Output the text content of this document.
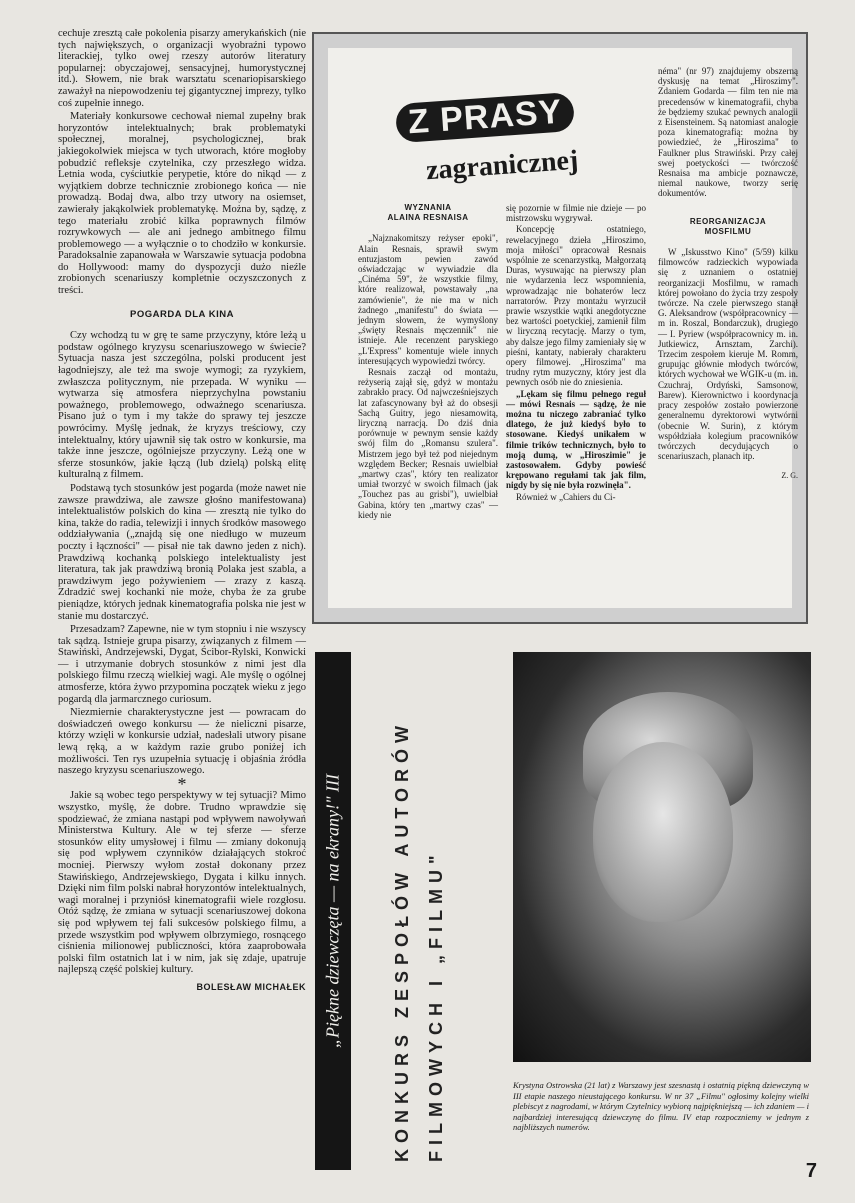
cechuje zresztą całe pokolenia pisarzy amerykańskich (nie tych największych, o organizacji wyobraźni typowo literackiej, tylko owej rzeszy autorów literatury popularnej: obyczajowej, sensacyjnej, humorystycznej itd.). Słowem, nie brak warsztatu scenariopisarskiego zaważył na niepowodzeniu tej gigantycznej imprezy, tylko coś zupełnie innego.

Materiały konkursowe cechował niemal zupełny brak horyzontów intelektualnych; brak problematyki społecznej, moralnej, psychologicznej, brak jakiegokolwiek miejsca w tych utworach, które mogłoby pobudzić refleksje czytelnika, czy przeszłego widza. Letnia woda, cyściutkie perypetie, które do nikąd — z wyjątkiem dobrze technicznie zrobionego końca — nie prowadzą. Bodaj dwa, albo trzy utwory na osiemset, zawierały jakąkolwiek problematykę. Można by, sądzę, z tego materiału zrobić kilka poprawnych filmów rozrywkowych — ale ani jednego ambitnego filmu problemowego — a wyłącznie o to chodziło w konkursie. Paradoksalnie zapanowała w Warszawie sytuacja podobna do Hollywood: mamy do dyspozycji dużo nieźle zrobionych scenariuszy kompletnie oczyszczonych z treści.

POGARDA DLA KINA

Czy wchodzą tu w grę te same przyczyny, które leżą u podstaw ogólnego kryzysu scenariuszowego w świecie? Sytuacja nasza jest szczególna, polski producent jest łagodniejszy, ale też ma swoje wymogi; za ryzykiem, zwłaszcza politycznym, nie przepada. W wyniku — wytwarza się atmosfera nieprzychylna powstaniu poważnego, problemowego, odważnego scenariusza. Pisano już o tym i my także do sprawy tej jeszcze powrócimy. Myślę jednak, że kryzys treściowy, czy intelektualny, który ujawnił się tak ostro w konkursie, ma także inne jeszcze, ogólniejsze przyczyny. Leżą one w sferze stosunków, jakie łączą (lub dzielą) polską elitę kulturalną z filmem.

Podstawą tych stosunków jest pogarda (może nawet nie zawsze prawdziwa, ale zawsze głośno manifestowana) intelektualistów polskich do kina — zresztą nie tylko do kina, także do radia, telewizji i innych środków masowego oddziaływania („znajdą się one niedługo w muzeum poczty i łączności" — pisał nie tak dawno jeden z nich). Prawdziwą kochanką polskiego intelektualisty jest literatura, tak jak prawdziwą bronią Polaka jest szabla, a prawdziwym jego pożywieniem — zrazy z kaszą. Zdradzić swej kochanki nie może, chyba że za grube pieniądze, których jednak kinematografia polska nie jest w stanie mu dostarczyć.

Przesadzam? Zapewne, nie w tym stopniu i nie wszyscy tak sądzą. Istnieje grupa pisarzy, związanych z filmem — Stawiński, Andrzejewski, Dygat, Ścibor-Rylski, Konwicki — i utrzymanie dobrych stosunków z nimi jest dla polskiego filmu rzeczą wielkiej wagi. Ale myślę o ogólnej atmosferze, która żywo przypomina początek wieku z jego pogardą dla jarmarcznego curiosum.

Niezmiernie charakterystyczne jest — powracam do doświadczeń owego konkursu — że nieliczni pisarze, którzy wzięli w konkursie udział, nadesłali utwory pisane lewą ręką, a w każdym razie grubo poniżej ich możliwości. Ten rys uzupełnia sytuację i objaśnia źródła naszego kryzysu scenariuszowego.

*

Jakie są wobec tego perspektywy w tej sytuacji? Mimo wszystko, myślę, że dobre. Trudno wprawdzie się spodziewać, że zmiana nastąpi pod wpływem nawoływań Ministerstwa Kultury. Ale w tej sferze — sferze stosunków elity umysłowej i filmu — zmiany dokonują się pod wpływem czynników działających stokroć mocniej. Pierwszy wyłom został dokonany przez Stawińskiego, Andrzejewskiego, Dygata i kilku innych. Dzięki nim film polski nabrał horyzontów intelektualnych, wagi moralnej i przyniósł kinematografii wiele rozgłosu. Otóż sądzę, że zmiana w sytuacji scenariuszowej dokona się pod wpływem tej fali sukcesów polskiego filmu, a przede wszystkim pod wpływem olbrzymiego, rosnącego ciśnienia milionowej publiczności, która zaaprobowała polski film ostatnich lat i w nim, jak się zdaje, upatruje najlepszą część polskiej kultury.

BOLESŁAW MICHAŁEK

Z PRASY
zagranicznej

WYZNANIA

ALAINA RESNAISA

„Najznakomitszy reżyser epoki", Alain Resnais, sprawił swym entuzjastom pewien zawód oświadczając w wywiadzie dla „Cinéma 59", że wszystkie filmy, które realizował, powstawały „na zamówienie", że nie ma w nich żadnego „manifestu" do świata — jednym słowem, że wymyślony „święty Resnais męczennik" nie istnieje. Ale recenzent paryskiego „L'Express" komentuje wiele innych interesujących wypowiedzi twórcy.

Resnais zaczął od montażu, reżyserią zajął się, gdyż w montażu zabrakło pracy. Od najwcześniejszych lat zafascynowany był aż do obsesji Sachą Guitry, jego niesamowitą, liryczną narracją. Do dziś dnia porównuje w pewnym sensie każdy swój film do „Romansu szulera". Mistrzem jego był też pod niejednym względem Becker; Resnais uwielbiał „martwy czas", który ten realizator umiał tworzyć w swoich filmach (jak „Touchez pas au grisbi"), uwielbiał Gabina, który ten „martwy czas" — kiedy nie

się pozornie w filmie nie dzieje — po mistrzowsku wygrywał.

Koncepcję ostatniego, rewelacyjnego dzieła „Hiroszimo, moja miłości" opracował Resnais wspólnie ze scenarzystką, Małgorzatą Duras, wysuwając na pierwszy plan nie wydarzenia lecz wspomnienia, wprowadzając nie bohaterów lecz narratorów. Przy montażu wyrzucił prawie wszystkie wątki anegdotyczne bez wartości poetyckiej, zamienił film w liryczną recytację. Marzy o tym, aby dalsze jego filmy zamieniały się w pieśni, kantaty, nabierały charakteru opery filmowej. „Hiroszima" ma trudny rytm muzyczny, który jest dla pewnych osób nie do zniesienia.

„Lękam się filmu pełnego reguł — mówi Resnais — sądzę, że nie można tu niczego zabraniać tylko dlatego, że już kiedyś było to stosowane. Kiedyś unikałem w filmie trików technicznych, było to moją dumą, w „Hiroszimie" je zastosowałem. Gdyby powieść krępowano regułami tak jak film, nigdy by się nie była rozwinęła".

Również w „Cahiers du Ci-

néma" (nr 97) znajdujemy obszerną dyskusję na temat „Hiroszimy". Zdaniem Godarda — film ten nie ma precedensów w kinematografii, chyba że będziemy szukać pewnych analogii z Eisensteinem. Są natomiast analogie poza kinematografią: można by powiedzieć, że „Hiroszima" to Faulkner plus Strawiński. Przy całej swej poetyckości — twórczość Resnaisa ma ambicje poznawcze, niemal naukowe, tworzy serię dokumentów.

REORGANIZACJA

MOSFILMU

W „Iskusstwo Kino" (5/59) kilku filmowców radzieckich wypowiada się z uznaniem o ostatniej reorganizacji Mosfilmu, w ramach której powołano do życia trzy zespoły twórcze. Na czele pierwszego stanął G. Aleksandrow (współpracownicy — m in. Roszal, Bondarczuk), drugiego — I. Pyriew (współpracownicy m. in. Jutkiewicz, Arnsztam, Zarchi). Trzecim zespołem kieruje M. Romm, grupując głównie młodych twórców, których wychował we WGIK-u (m. in. Czuchraj, Ordyński, Samsonow, Barew). Kierownictwo i koordynacja pracy zespołów zostało powierzone generalnemu dyrektorowi wytwórni (obecnie W. Surin), z którym współdziała kolegium pracowników twórczych decydujących o scenariuszach, planach itp.

Z. G.

„Piękne dziewczęta — na ekrany!" III	KONKURS ZESPOŁÓW AUTORÓW FILMOWYCH I „FILMU"	Krystyna Ostrowska (21 lat) z Warszawy jest szesnastą i ostatnią piękną dziewczyną w III etapie naszego nieustającego konkursu. W nr 37 „Filmu" ogłosimy kolejny wielki plebiscyt z nagrodami, w którym Czytelnicy wybiorą najpiękniejszą — ich zdaniem — i najbardziej interesującą dziewczynę do filmu. IV etap rozpoczniemy w jednym z najbliższych numerów.
7
